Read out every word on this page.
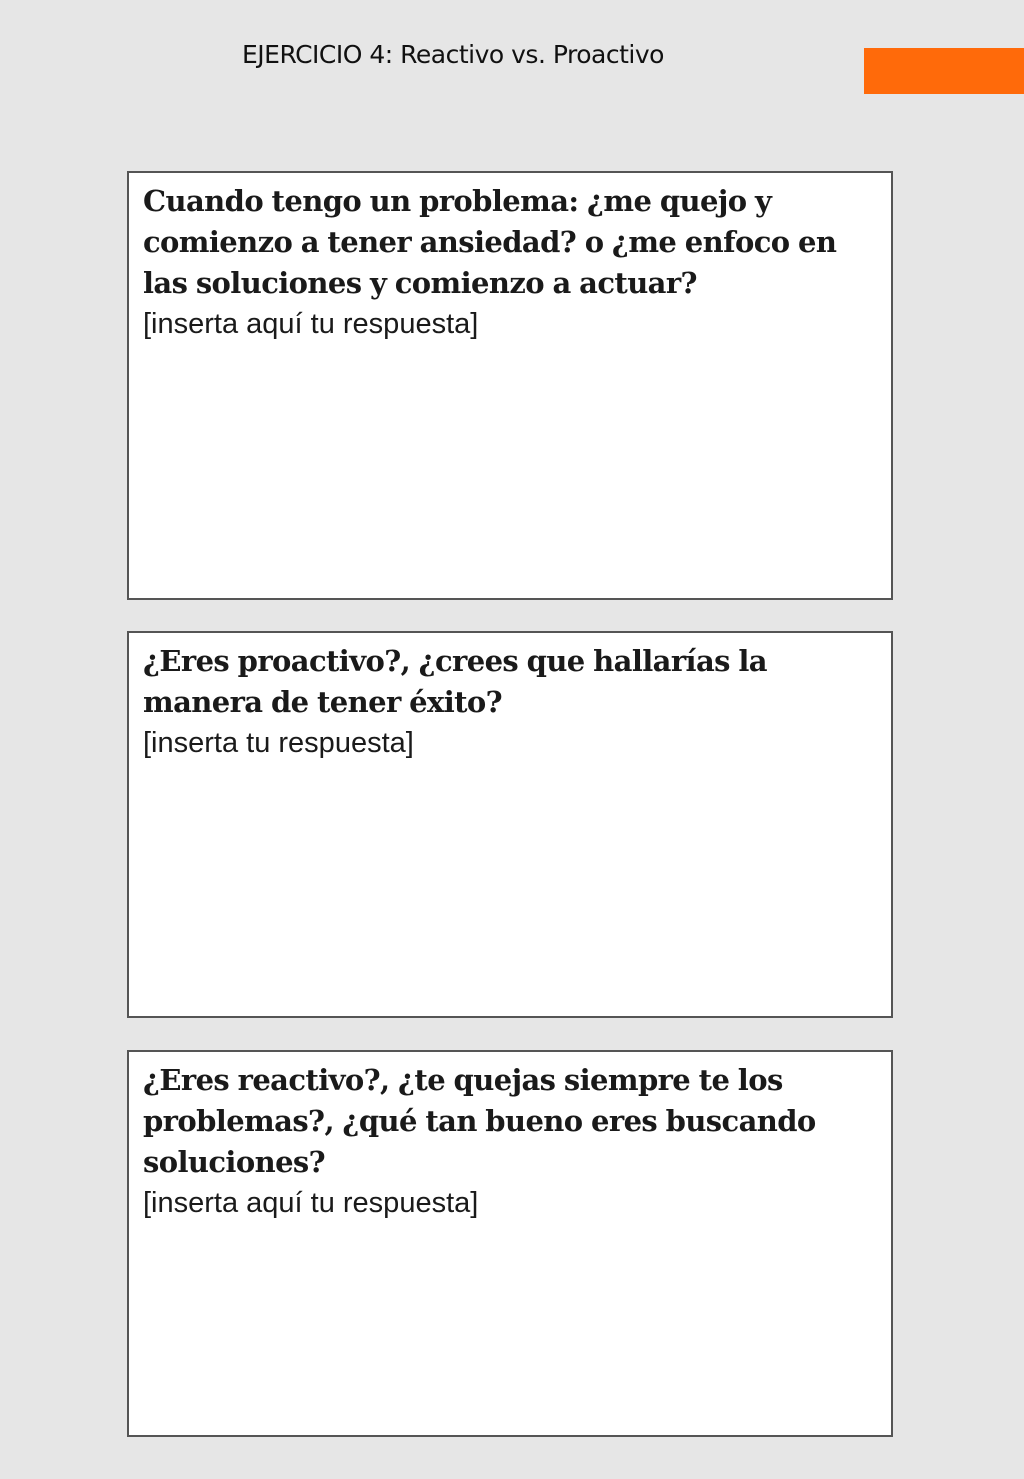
EJERCICIO 4: Reactivo vs. Proactivo

Cuando tengo un problema: ¿me quejo y comienzo a tener ansiedad? o ¿me enfoco en las soluciones y comienzo a actuar?

[inserta aquí tu respuesta]

¿Eres proactivo?, ¿crees que hallarías la manera de tener éxito?

[inserta tu respuesta]

¿Eres reactivo?, ¿te quejas siempre te los problemas?, ¿qué tan bueno eres buscando soluciones?

[inserta aquí tu respuesta]
